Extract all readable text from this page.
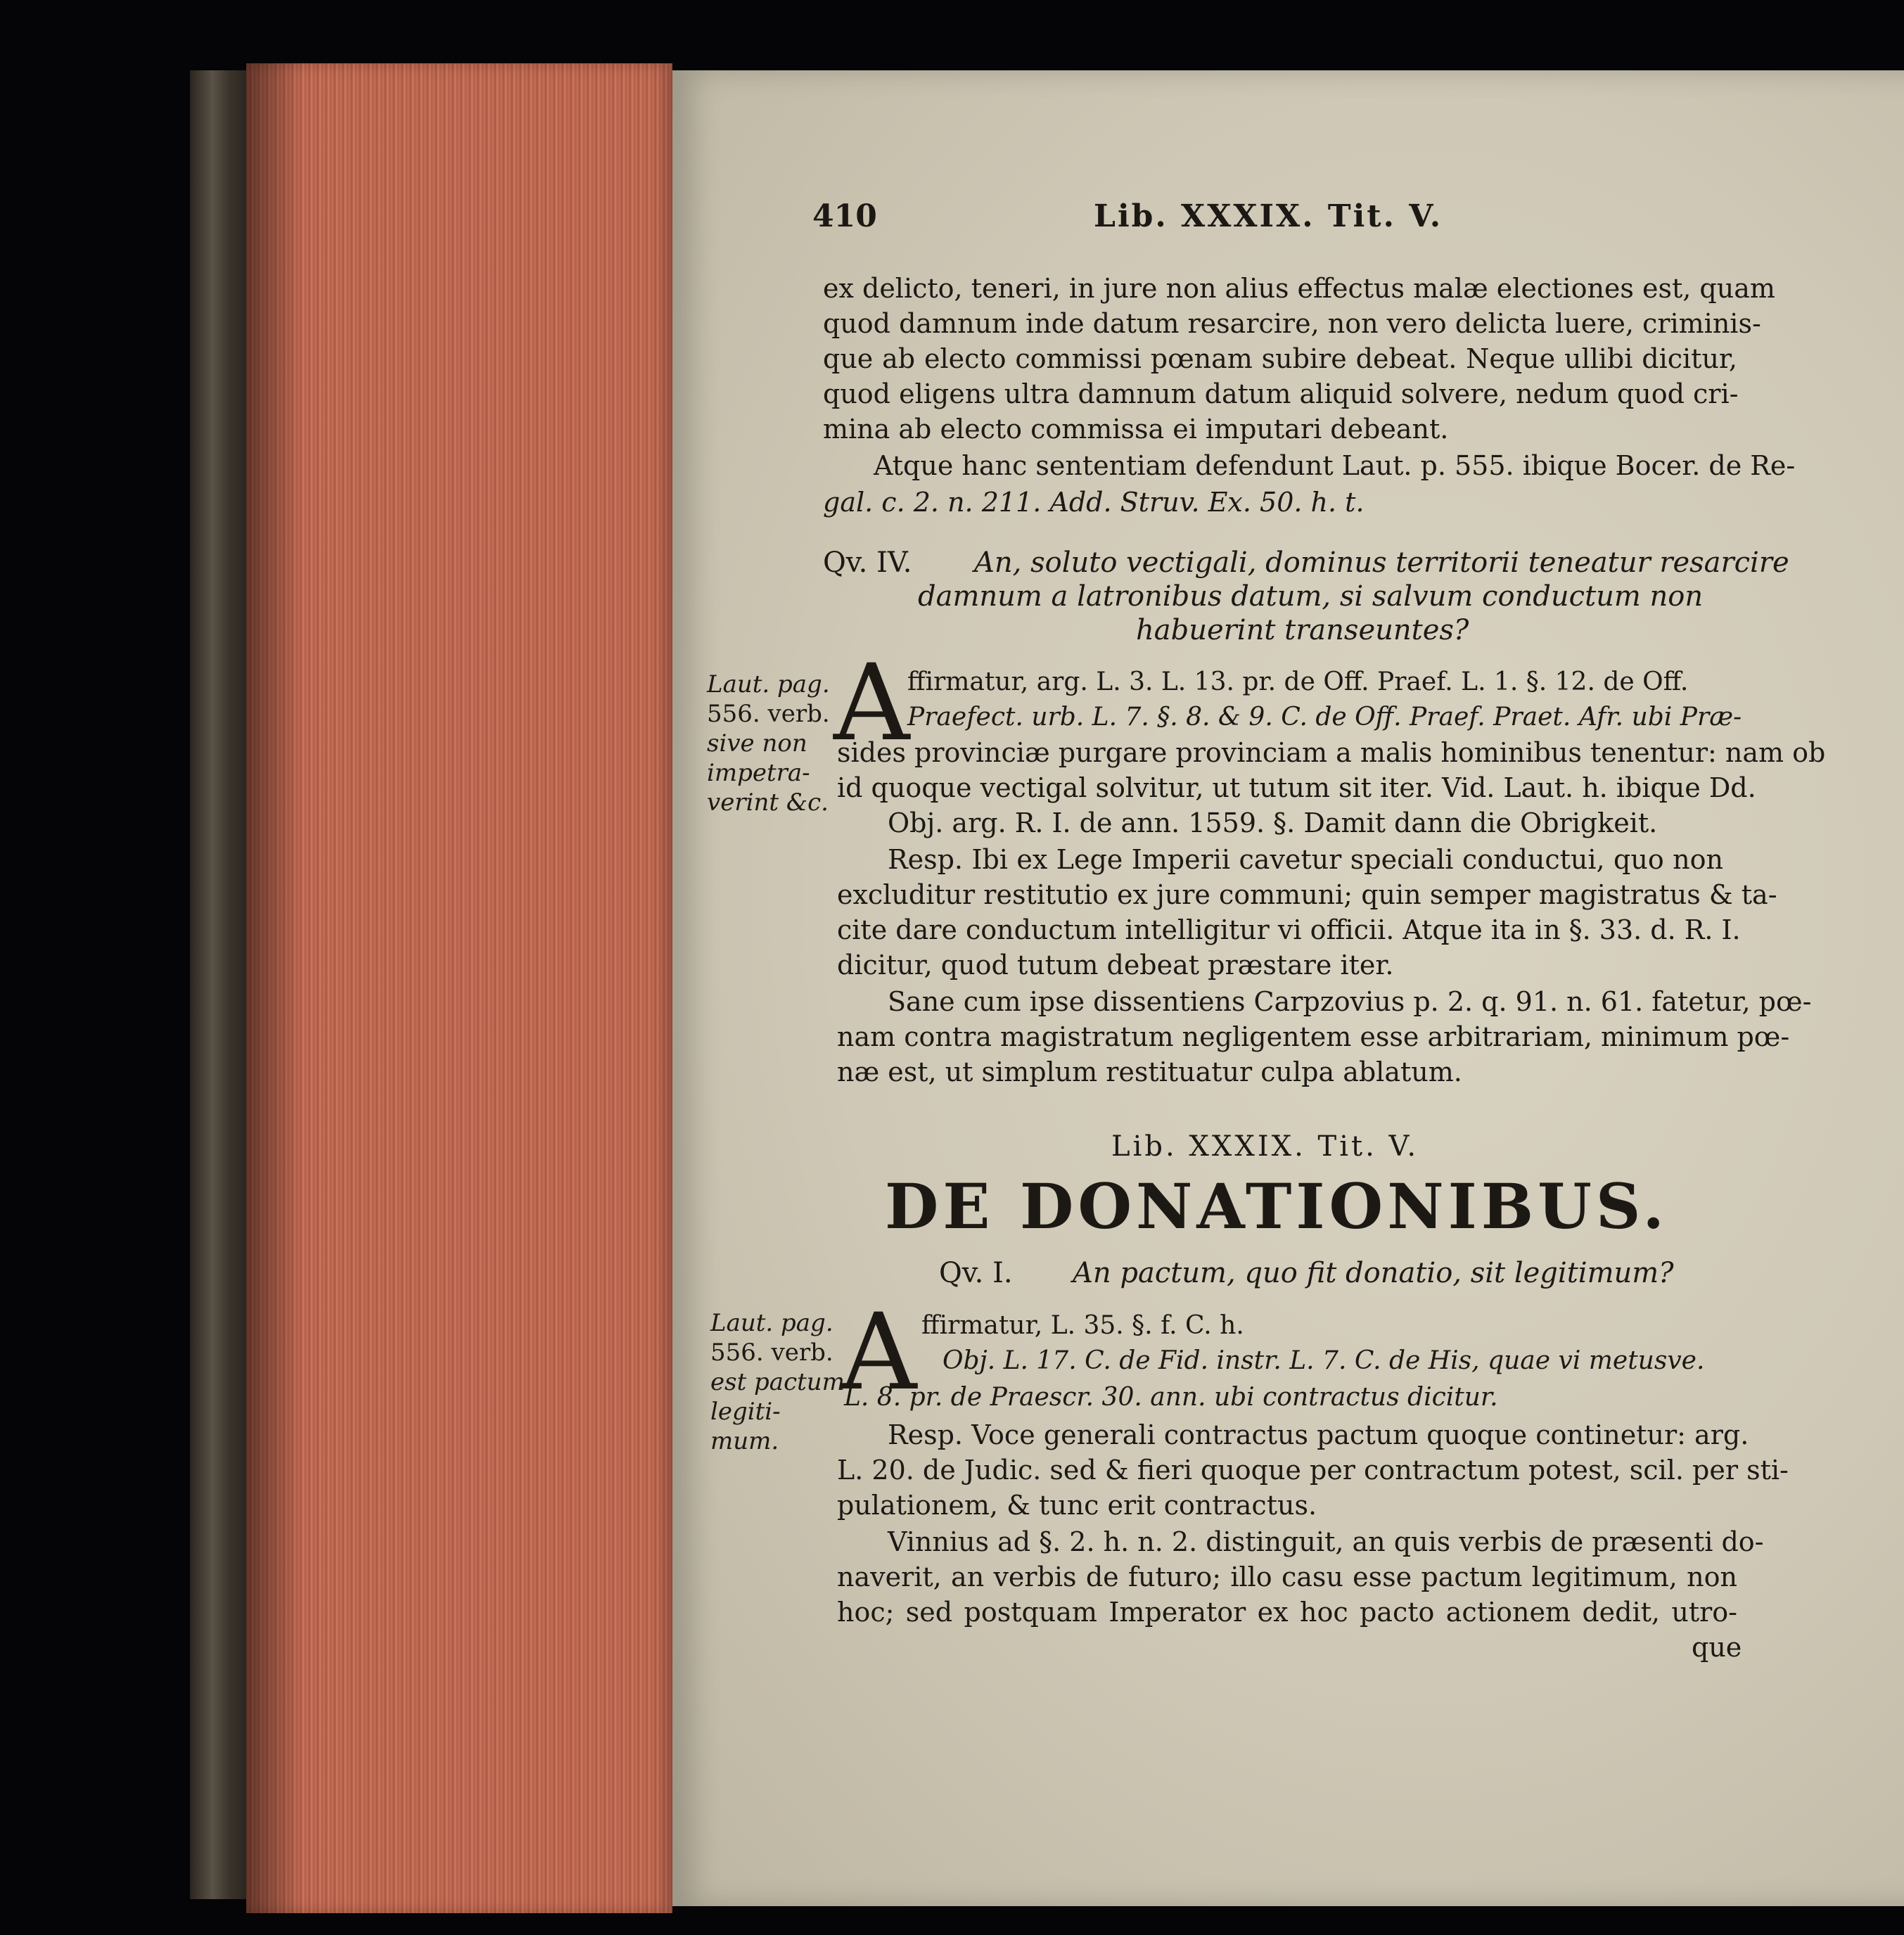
410	Lib. XXXIX. Tit. V.
ex delicto, teneri, in jure non alius effectus malæ electiones est, quam
quod damnum inde datum resarcire, non vero delicta luere, criminis-
que ab electo commissi pœnam subire debeat. Neque ullibi dicitur,
quod eligens ultra damnum datum aliquid solvere, nedum quod cri-
mina ab electo commissa ei imputari debeant.
Atque hanc sententiam defendunt Laut. p. 555. ibique Bocer. de Re-
gal. c. 2. n. 211. Add. Struv. Ex. 50. h. t.
Qv. IV. An, soluto vectigali, dominus territorii teneatur resarcire
damnum a latronibus datum, si salvum conductum non
habuerint transeuntes?
Laut. pag.
556. verb.
sive non
impetra-
verint &c.
A
ffirmatur, arg. L. 3. L. 13. pr. de Off. Praef. L. 1. §. 12. de Off.
Praefect. urb. L. 7. §. 8. & 9. C. de Off. Praef. Praet. Afr. ubi Præ-
sides provinciæ purgare provinciam a malis hominibus tenentur: nam ob
id quoque vectigal solvitur, ut tutum sit iter. Vid. Laut. h. ibique Dd.
Obj. arg. R. I. de ann. 1559. §. Damit dann die Obrigkeit.
Resp. Ibi ex Lege Imperii cavetur speciali conductui, quo non
excluditur restitutio ex jure communi; quin semper magistratus & ta-
cite dare conductum intelligitur vi officii. Atque ita in §. 33. d. R. I.
dicitur, quod tutum debeat præstare iter.
Sane cum ipse dissentiens Carpzovius p. 2. q. 91. n. 61. fatetur, pœ-
nam contra magistratum negligentem esse arbitrariam, minimum pœ-
næ est, ut simplum restituatur culpa ablatum.
Lib. XXXIX. Tit. V.
DE DONATIONIBUS.
Qv. I. An pactum, quo fit donatio, sit legitimum?
Laut. pag.
556. verb.
est pactum
legiti-
mum.
A ffirmatur, L. 35. §. f. C. h.
Obj. L. 17. C. de Fid. instr. L. 7. C. de His, quae vi metusve.
L. 8. pr. de Praescr. 30. ann. ubi contractus dicitur.
Resp. Voce generali contractus pactum quoque continetur: arg.
L. 20. de Judic. sed & fieri quoque per contractum potest, scil. per sti-
pulationem, & tunc erit contractus.
Vinnius ad §. 2. h. n. 2. distinguit, an quis verbis de præsenti do-
naverit, an verbis de futuro; illo casu esse pactum legitimum, non
hoc; sed postquam Imperator ex hoc pacto actionem dedit, utro-
que
